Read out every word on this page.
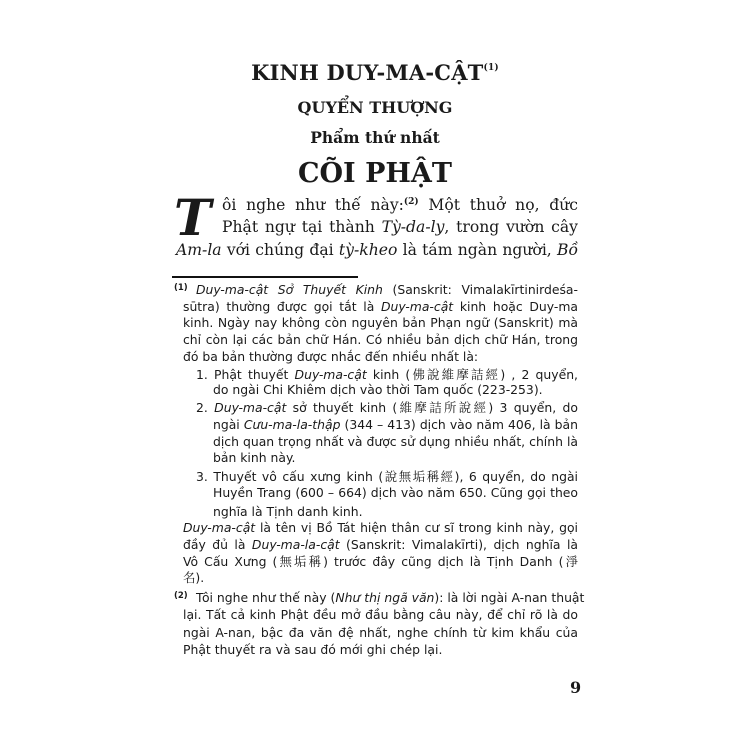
KINH DUY-MA-CẬT$^{(1)}$
QUYỂN THƯỢNG
Phẩm thứ nhất
CÕI PHẬT
T ôi nghe như thế này:$^{(2)}$ Một thuở nọ, đức
Phật ngự tại thành Tỳ-da-ly, trong vườn cây
Am-la với chúng đại tỳ-kheo là tám ngàn người, Bồ
(1)
(2)
Duy-ma-cật Sở Thuyết Kinh (Sanskrit: Vimalakīrtinirdeśa-
sūtra) thường được gọi tắt là Duy-ma-cật kinh hoặc Duy-ma
kinh. Ngày nay không còn nguyên bản Phạn ngữ (Sanskrit) mà
chỉ còn lại các bản chữ Hán. Có nhiều bản dịch chữ Hán, trong
đó ba bản thường được nhắc đến nhiều nhất là:
1. Phật thuyết Duy-ma-cật kinh (佛說維摩詰經) , 2 quyển,
do ngài Chi Khiêm dịch vào thời Tam quốc (223-253).
2. Duy-ma-cật sở thuyết kinh (維摩詰所說經) 3 quyển, do
ngài Cưu-ma-la-thập (344 – 413) dịch vào năm 406, là bản
dịch quan trọng nhất và được sử dụng nhiều nhất, chính là
bản kinh này.
3. Thuyết vô cấu xưng kinh (說無垢稱經), 6 quyển, do ngài
Huyền Trang (600 – 664) dịch vào năm 650. Cũng gọi theo
nghĩa là Tịnh danh kinh.
Duy-ma-cật là tên vị Bồ Tát hiện thân cư sĩ trong kinh này, gọi
đầy đủ là Duy-ma-la-cật (Sanskrit: Vimalakīrti), dịch nghĩa là
Vô Cấu Xưng (無垢稱) trước đây cũng dịch là Tịnh Danh (淨
名).
Tôi nghe như thế này (Như thị ngã văn): là lời ngài A-nan thuật
lại. Tất cả kinh Phật đều mở đầu bằng câu này, để chỉ rõ là do
ngài A-nan, bậc đa văn đệ nhất, nghe chính từ kim khẩu của
Phật thuyết ra và sau đó mới ghi chép lại.
9
